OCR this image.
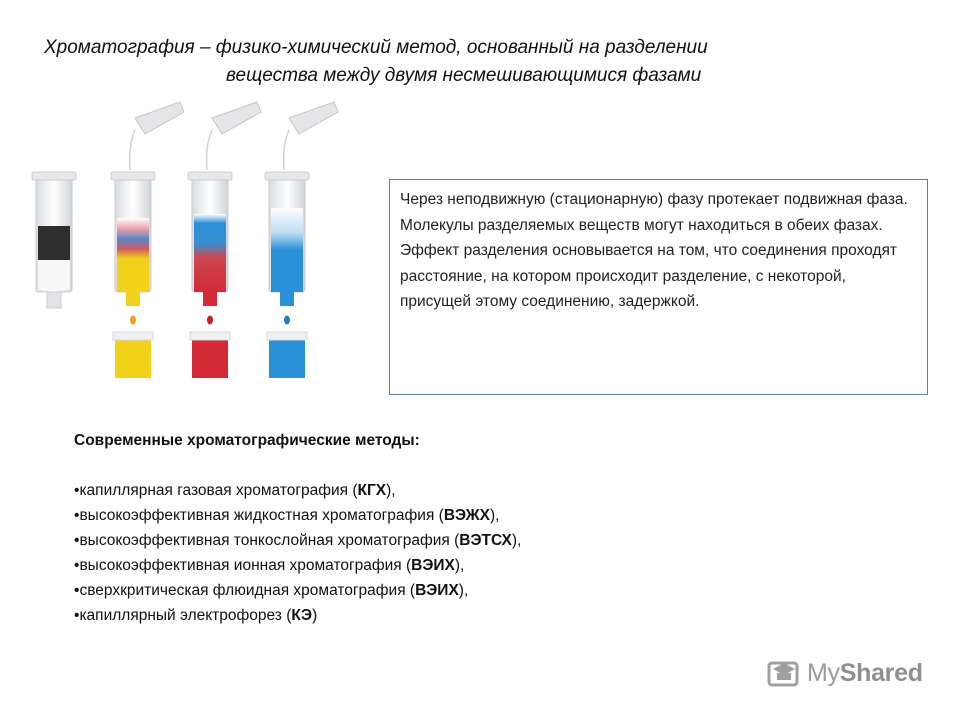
Хроматография – физико-химический метод, основанный на разделении
вещества между двумя несмешивающимися фазами

Через неподвижную (стационарную) фазу протекает подвижная фаза.

Молекулы разделяемых веществ могут находиться в обеих фазах.

Эффект разделения основывается на том, что соединения проходят расстояние, на котором происходит разделение, с некоторой, присущей этому соединению, задержкой.

Современные хроматографические методы:
•капиллярная газовая хроматография (КГХ),
•высокоэффективная жидкостная хроматография (ВЭЖХ),
•высокоэффективная тонкослойная хроматография (ВЭТСХ),
•высокоэффективная ионная хроматография (ВЭИХ),
•сверхкритическая флюидная хроматография (ВЭИХ),
•капиллярный электрофорез (КЭ)
MyShared
